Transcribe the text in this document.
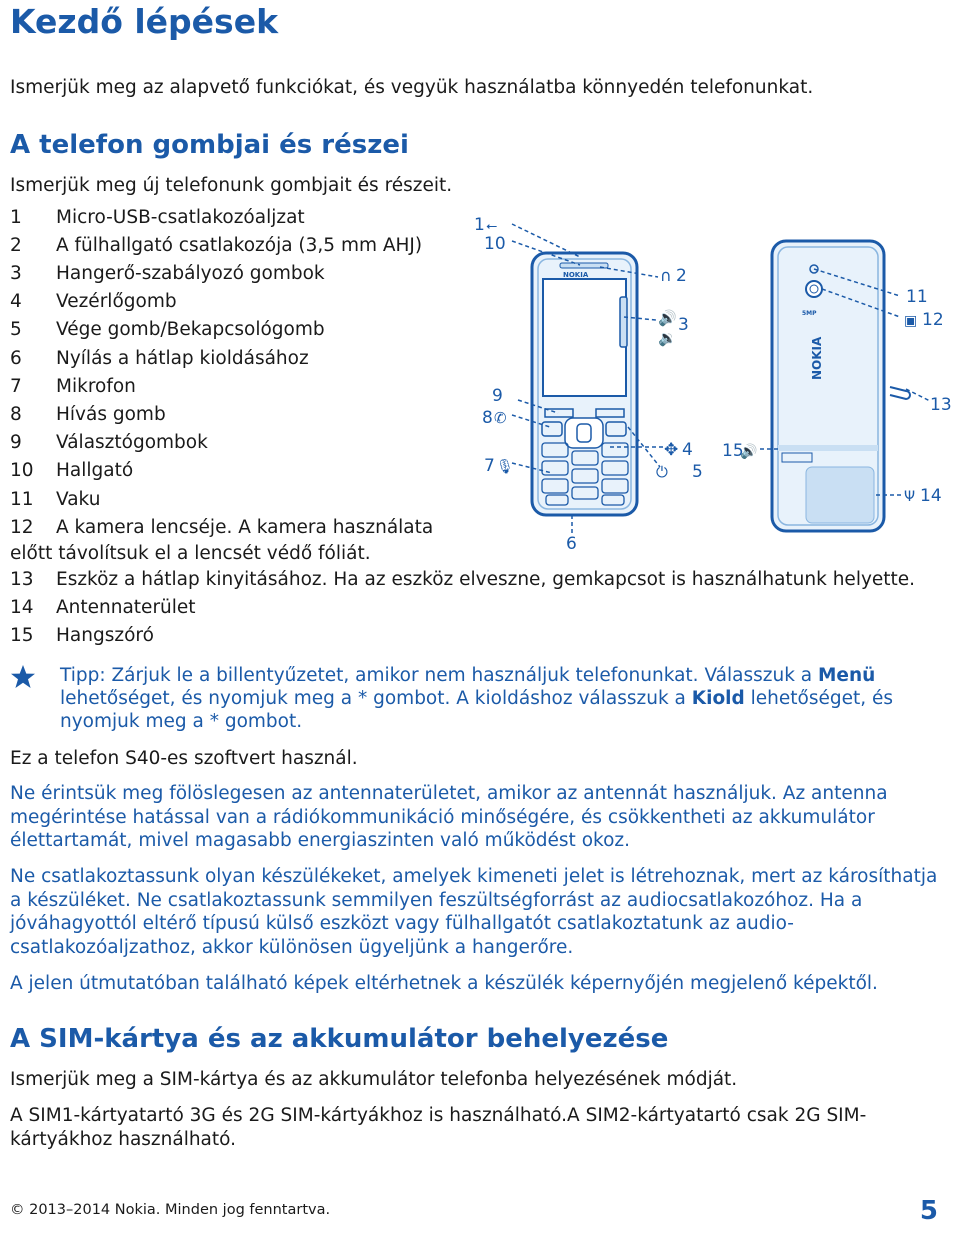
Kezdő lépések
Ismerjük meg az alapvető funkciókat, és vegyük használatba könnyedén telefonunkat.
A telefon gombjai és részei
Ismerjük meg új telefonunk gombjait és részeit.
1	Micro-USB-csatlakozóaljzat
2	A fülhallgató csatlakozója (3,5 mm AHJ)
3	Hangerő-szabályozó gombok
4	Vezérlőgomb
5	Vége gomb/Bekapcsológomb
6	Nyílás a hátlap kioldásához
7	Mikrofon
8	Hívás gomb
9	Választógombok
10	Hallgató
11	Vaku
12	A kamera lencséje. A kamera használata
13	Eszköz a hátlap kinyitásához. Ha az eszköz elveszne, gemkapcsot is használhatunk helyette.
14	Antennaterület
15	Hangszóró
előtt távolítsuk el a lencsét védő fóliát.
NOKIA
5MP
NOKIA
1 ⭠
10
∩ 2
🔊
🔉
3
9
8 ✆
✥ 4
7 🎙	⏻ 5
6
11
▣ 12
13
15
🔊
Ψ 14
Tipp: Zárjuk le a billentyűzetet, amikor nem használjuk telefonunkat. Válasszuk a Menü
lehetőséget, és nyomjuk meg a * gombot. A kioldáshoz válasszuk a Kiold lehetőséget, és
nyomjuk meg a * gombot.
Ez a telefon S40-es szoftvert használ.
Ne érintsük meg fölöslegesen az antennaterületet, amikor az antennát használjuk. Az antenna
megérintése hatással van a rádiókommunikáció minőségére, és csökkentheti az akkumulátor
élettartamát, mivel magasabb energiaszinten való működést okoz.
Ne csatlakoztassunk olyan készülékeket, amelyek kimeneti jelet is létrehoznak, mert az károsíthatja
a készüléket. Ne csatlakoztassunk semmilyen feszültségforrást az audiocsatlakozóhoz. Ha a
jóváhagyottól eltérő típusú külső eszközt vagy fülhallgatót csatlakoztatunk az audio-
csatlakozóaljzathoz, akkor különösen ügyeljünk a hangerőre.
A jelen útmutatóban található képek eltérhetnek a készülék képernyőjén megjelenő képektől.
A SIM-kártya és az akkumulátor behelyezése
Ismerjük meg a SIM-kártya és az akkumulátor telefonba helyezésének módját.
A SIM1-kártyatartó 3G és 2G SIM-kártyákhoz is használható.A SIM2-kártyatartó csak 2G SIM-
kártyákhoz használható.
© 2013–2014 Nokia. Minden jog fenntartva.	5
